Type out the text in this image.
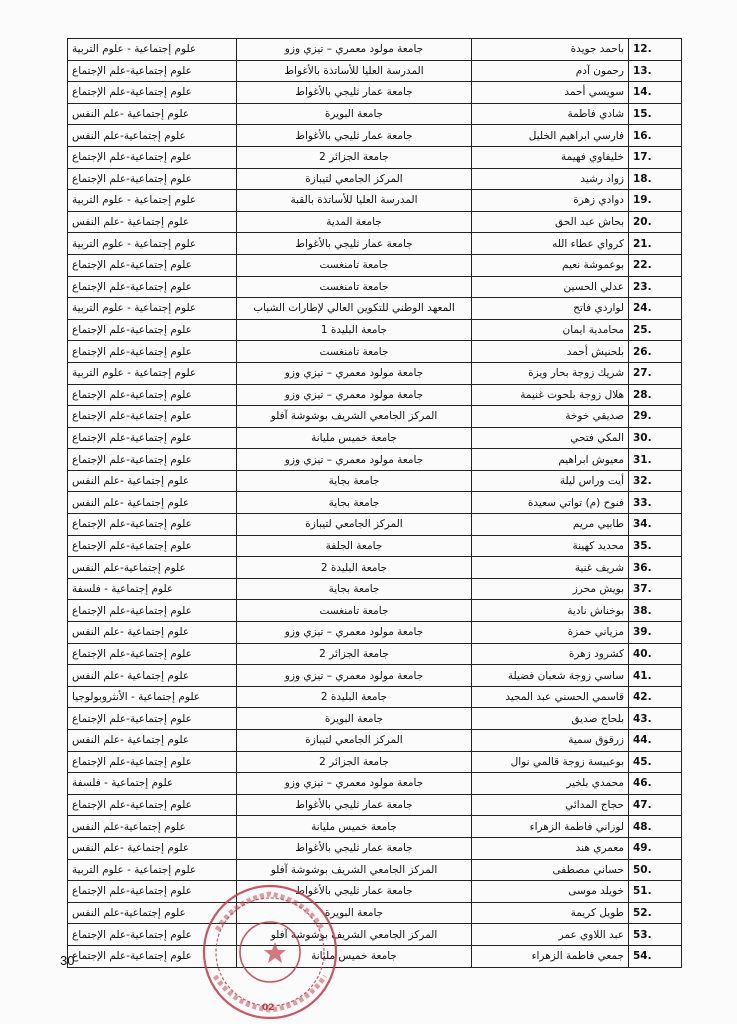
.12	باحمد جويدة	جامعة مولود معمري – تيزي وزو	علوم إجتماعية - علوم التربية
.13	رحمون آدم	المدرسة العليا للأساتذة بالأغواط	علوم إجتماعية-علم الإجتماع
.14	سويسي أحمد	جامعة عمار ثليجي بالأغواط	علوم إجتماعية-علم الإجتماع
.15	شادي فاطمة	جامعة البويرة	علوم إجتماعية -علم النفس
.16	فارسي ابراهيم الخليل	جامعة عمار ثليجي بالأغواط	علوم إجتماعية-علم النفس
.17	خليفاوي فهيمة	جامعة الجزائر 2	علوم إجتماعية-علم الإجتماع
.18	زواد رشيد	المركز الجامعي لتيبازة	علوم إجتماعية-علم الإجتماع
.19	دوادي زهرة	المدرسة العليا للأساتذة بالقبة	علوم إجتماعية - علوم التربية
.20	بحاش عبد الحق	جامعة المدية	علوم إجتماعية -علم النفس
.21	كرواي عطاء الله	جامعة عمار ثليجي بالأغواط	علوم إجتماعية - علوم التربية
.22	بوعموشة نعيم	جامعة تامنغست	علوم إجتماعية-علم الإجتماع
.23	عدلي الحسين	جامعة تامنغست	علوم إجتماعية-علم الإجتماع
.24	لواردي فاتح	المعهد الوطني للتكوين العالي لإطارات الشباب	علوم إجتماعية - علوم التربية
.25	محامدية ايمان	جامعة البليدة 1	علوم إجتماعية-علم الإجتماع
.26	بلحنيش أحمد	جامعة تامنغست	علوم إجتماعية-علم الإجتماع
.27	شريك زوجة بحار ويزة	جامعة مولود معمري – تيزي وزو	علوم إجتماعية - علوم التربية
.28	هلال زوجة بلحوت غنيمة	جامعة مولود معمري – تيزي وزو	علوم إجتماعية-علم الإجتماع
.29	صديقي خوخة	المركز الجامعي الشريف بوشوشة آفلو	علوم إجتماعية-علم الإجتماع
.30	المكي فتحي	جامعة خميس مليانة	علوم إجتماعية-علم الإجتماع
.31	معيوش ابراهيم	جامعة مولود معمري – تيزي وزو	علوم إجتماعية-علم الإجتماع
.32	أيت وراس ليلة	جامعة بجاية	علوم إجتماعية -علم النفس
.33	فنوح (م) تواتي سعيدة	جامعة بجاية	علوم إجتماعية -علم النفس
.34	طابيي مريم	المركز الجامعي لتيبازة	علوم إجتماعية-علم الإجتماع
.35	محديد كهينة	جامعة الجلفة	علوم إجتماعية-علم الإجتماع
.36	شريف غنية	جامعة البليدة 2	علوم إجتماعية-علم النفس
.37	بويش محرز	جامعة بجاية	علوم إجتماعية - فلسفة
.38	بوخناش نادية	جامعة تامنغست	علوم إجتماعية-علم الإجتماع
.39	مزياني حمزة	جامعة مولود معمري – تيزي وزو	علوم إجتماعية -علم النفس
.40	كشرود زهرة	جامعة الجزائر 2	علوم إجتماعية-علم الإجتماع
.41	ساسي زوجة شعبان فضيلة	جامعة مولود معمري – تيزي وزو	علوم إجتماعية -علم النفس
.42	قاسمي الحسني عبد المجيد	جامعة البليدة 2	علوم إجتماعية - الأنثروبولوجيا
.43	بلحاج صديق	جامعة البويرة	علوم إجتماعية-علم الإجتماع
.44	زرقوق سمية	المركز الجامعي لتيبازة	علوم إجتماعية -علم النفس
.45	بوعبيسة زوجة قالمي نوال	جامعة الجزائر 2	علوم إجتماعية-علم الإجتماع
.46	محمدي بلخير	جامعة مولود معمري – تيزي وزو	علوم إجتماعية - فلسفة
.47	حجاج المدائي	جامعة عمار ثليجي بالأغواط	علوم إجتماعية-علم الإجتماع
.48	لوزاني فاطمة الزهراء	جامعة خميس مليانة	علوم إجتماعية-علم النفس
.49	معمري هند	جامعة عمار ثليجي بالأغواط	علوم إجتماعية -علم النفس
.50	حساني مصطفى	المركز الجامعي الشريف بوشوشة آفلو	علوم إجتماعية - علوم التربية
.51	خويلد موسى	جامعة عمار ثليجي بالأغواط	علوم إجتماعية-علم الإجتماع
.52	طويل كريمة	جامعة البويرة	علوم إجتماعية-علم النفس
.53	عبد اللاوي عمر	المركز الجامعي الشريف بوشوشة آفلو	علوم إجتماعية-علم الإجتماع
.54	جمعي فاطمة الزهراء	جامعة خميس مليانة	علوم إجتماعية-علم الإجتماع
02
30
